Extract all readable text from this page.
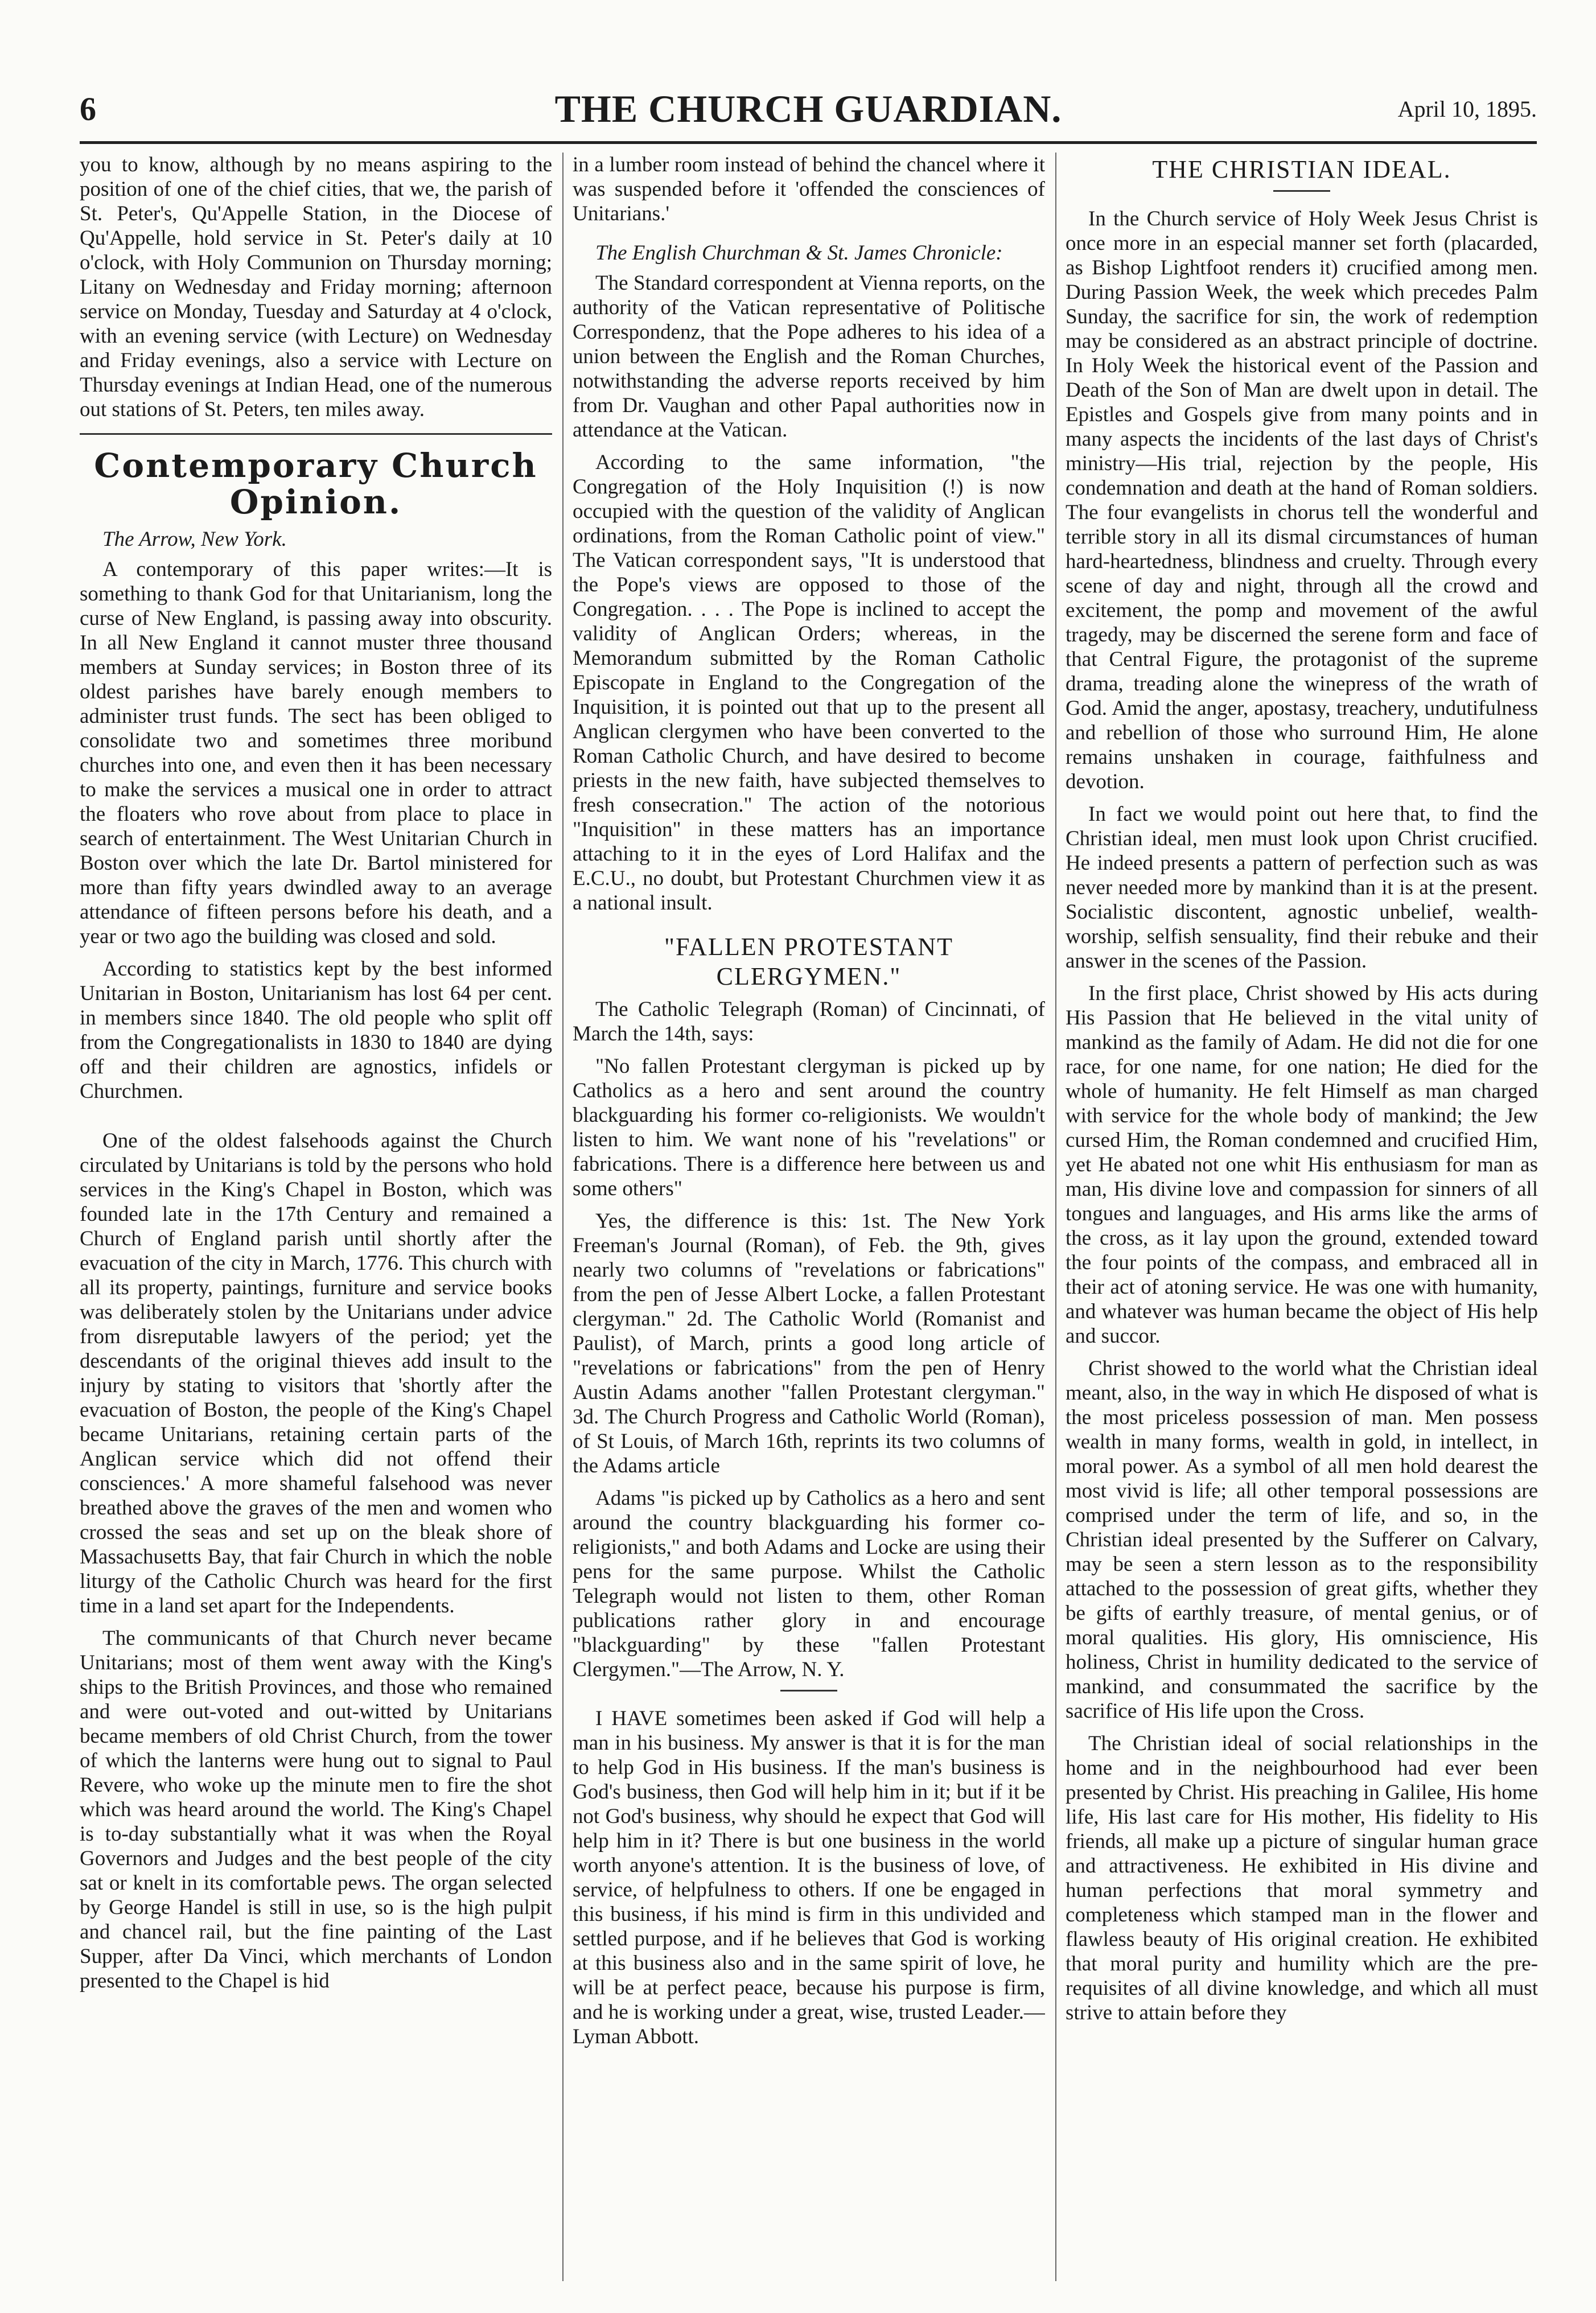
6	THE CHURCH GUARDIAN.	April 10, 1895.

you to know, although by no means aspiring to the position of one of the chief cities, that we, the parish of St. Peter's, Qu'Appelle Station, in the Diocese of Qu'Appelle, hold service in St. Peter's daily at 10 o'clock, with Holy Communion on Thursday morning; Litany on Wednesday and Friday morning; afternoon service on Monday, Tuesday and Saturday at 4 o'clock, with an evening service (with Lecture) on Wednesday and Friday evenings, also a service with Lecture on Thursday evenings at Indian Head, one of the numerous out stations of St. Peters, ten miles away.

Contemporary Church Opinion.
The Arrow, New York.

A contemporary of this paper writes:—It is something to thank God for that Unitarianism, long the curse of New England, is passing away into obscurity. In all New England it cannot muster three thousand members at Sunday services; in Boston three of its oldest parishes have barely enough members to administer trust funds. The sect has been obliged to consolidate two and sometimes three moribund churches into one, and even then it has been necessary to make the services a musical one in order to attract the floaters who rove about from place to place in search of entertainment. The West Unitarian Church in Boston over which the late Dr. Bartol ministered for more than fifty years dwindled away to an average attendance of fifteen persons before his death, and a year or two ago the building was closed and sold.

According to statistics kept by the best informed Unitarian in Boston, Unitarianism has lost 64 per cent. in members since 1840. The old people who split off from the Congregationalists in 1830 to 1840 are dying off and their children are agnostics, infidels or Churchmen.

One of the oldest falsehoods against the Church circulated by Unitarians is told by the persons who hold services in the King's Chapel in Boston, which was founded late in the 17th Century and remained a Church of England parish until shortly after the evacuation of the city in March, 1776. This church with all its property, paintings, furniture and service books was deliberately stolen by the Unitarians under advice from disreputable lawyers of the period; yet the descendants of the original thieves add insult to the injury by stating to visitors that 'shortly after the evacuation of Boston, the people of the King's Chapel became Unitarians, retaining certain parts of the Anglican service which did not offend their consciences.' A more shameful falsehood was never breathed above the graves of the men and women who crossed the seas and set up on the bleak shore of Massachusetts Bay, that fair Church in which the noble liturgy of the Catholic Church was heard for the first time in a land set apart for the Independents.

The communicants of that Church never became Unitarians; most of them went away with the King's ships to the British Provinces, and those who remained and were out-voted and out-witted by Unitarians became members of old Christ Church, from the tower of which the lanterns were hung out to signal to Paul Revere, who woke up the minute men to fire the shot which was heard around the world. The King's Chapel is to-day substantially what it was when the Royal Governors and Judges and the best people of the city sat or knelt in its comfortable pews. The organ selected by George Handel is still in use, so is the high pulpit and chancel rail, but the fine painting of the Last Supper, after Da Vinci, which merchants of London presented to the Chapel is hid

in a lumber room instead of behind the chancel where it was suspended before it 'offended the consciences of Unitarians.'

The English Churchman & St. James Chronicle:

The Standard correspondent at Vienna reports, on the authority of the Vatican representative of Politische Correspondenz, that the Pope adheres to his idea of a union between the English and the Roman Churches, notwithstanding the adverse reports received by him from Dr. Vaughan and other Papal authorities now in attendance at the Vatican.

According to the same information, "the Congregation of the Holy Inquisition (!) is now occupied with the question of the validity of Anglican ordinations, from the Roman Catholic point of view." The Vatican correspondent says, "It is understood that the Pope's views are opposed to those of the Congregation. . . . The Pope is inclined to accept the validity of Anglican Orders; whereas, in the Memorandum submitted by the Roman Catholic Episcopate in England to the Congregation of the Inquisition, it is pointed out that up to the present all Anglican clergymen who have been converted to the Roman Catholic Church, and have desired to become priests in the new faith, have subjected themselves to fresh consecration." The action of the notorious "Inquisition" in these matters has an importance attaching to it in the eyes of Lord Halifax and the E.C.U., no doubt, but Protestant Churchmen view it as a national insult.

"FALLEN PROTESTANT CLERGYMEN."

The Catholic Telegraph (Roman) of Cincinnati, of March the 14th, says:

"No fallen Protestant clergyman is picked up by Catholics as a hero and sent around the country blackguarding his former co-religionists. We wouldn't listen to him. We want none of his "revelations" or fabrications. There is a difference here between us and some others"

Yes, the difference is this: 1st. The New York Freeman's Journal (Roman), of Feb. the 9th, gives nearly two columns of "revelations or fabrications" from the pen of Jesse Albert Locke, a fallen Protestant clergyman." 2d. The Catholic World (Romanist and Paulist), of March, prints a good long article of "revelations or fabrications" from the pen of Henry Austin Adams another "fallen Protestant clergyman." 3d. The Church Progress and Catholic World (Roman), of St Louis, of March 16th, reprints its two columns of the Adams article

Adams "is picked up by Catholics as a hero and sent around the country blackguarding his former co-religionists," and both Adams and Locke are using their pens for the same purpose. Whilst the Catholic Telegraph would not listen to them, other Roman publications rather glory in and encourage "blackguarding" by these "fallen Protestant Clergymen."—The Arrow, N. Y.

I HAVE sometimes been asked if God will help a man in his business. My answer is that it is for the man to help God in His business. If the man's business is God's business, then God will help him in it; but if it be not God's business, why should he expect that God will help him in it? There is but one business in the world worth anyone's attention. It is the business of love, of service, of helpfulness to others. If one be engaged in this business, if his mind is firm in this undivided and settled purpose, and if he believes that God is working at this business also and in the same spirit of love, he will be at perfect peace, because his purpose is firm, and he is working under a great, wise, trusted Leader.—Lyman Abbott.

THE CHRISTIAN IDEAL.

In the Church service of Holy Week Jesus Christ is once more in an especial manner set forth (placarded, as Bishop Lightfoot renders it) crucified among men. During Passion Week, the week which precedes Palm Sunday, the sacrifice for sin, the work of redemption may be considered as an abstract principle of doctrine. In Holy Week the historical event of the Passion and Death of the Son of Man are dwelt upon in detail. The Epistles and Gospels give from many points and in many aspects the incidents of the last days of Christ's ministry—His trial, rejection by the people, His condemnation and death at the hand of Roman soldiers. The four evangelists in chorus tell the wonderful and terrible story in all its dismal circumstances of human hard-heartedness, blindness and cruelty. Through every scene of day and night, through all the crowd and excitement, the pomp and movement of the awful tragedy, may be discerned the serene form and face of that Central Figure, the protagonist of the supreme drama, treading alone the winepress of the wrath of God. Amid the anger, apostasy, treachery, undutifulness and rebellion of those who surround Him, He alone remains unshaken in courage, faithfulness and devotion.

In fact we would point out here that, to find the Christian ideal, men must look upon Christ crucified. He indeed presents a pattern of perfection such as was never needed more by mankind than it is at the present. Socialistic discontent, agnostic unbelief, wealth-worship, selfish sensuality, find their rebuke and their answer in the scenes of the Passion.

In the first place, Christ showed by His acts during His Passion that He believed in the vital unity of mankind as the family of Adam. He did not die for one race, for one name, for one nation; He died for the whole of humanity. He felt Himself as man charged with service for the whole body of mankind; the Jew cursed Him, the Roman condemned and crucified Him, yet He abated not one whit His enthusiasm for man as man, His divine love and compassion for sinners of all tongues and languages, and His arms like the arms of the cross, as it lay upon the ground, extended toward the four points of the compass, and embraced all in their act of atoning service. He was one with humanity, and whatever was human became the object of His help and succor.

Christ showed to the world what the Christian ideal meant, also, in the way in which He disposed of what is the most priceless possession of man. Men possess wealth in many forms, wealth in gold, in intellect, in moral power. As a symbol of all men hold dearest the most vivid is life; all other temporal possessions are comprised under the term of life, and so, in the Christian ideal presented by the Sufferer on Calvary, may be seen a stern lesson as to the responsibility attached to the possession of great gifts, whether they be gifts of earthly treasure, of mental genius, or of moral qualities. His glory, His omniscience, His holiness, Christ in humility dedicated to the service of mankind, and consummated the sacrifice by the sacrifice of His life upon the Cross.

The Christian ideal of social relationships in the home and in the neighbourhood had ever been presented by Christ. His preaching in Galilee, His home life, His last care for His mother, His fidelity to His friends, all make up a picture of singular human grace and attractiveness. He exhibited in His divine and human perfections that moral symmetry and completeness which stamped man in the flower and flawless beauty of His original creation. He exhibited that moral purity and humility which are the pre-requisites of all divine knowledge, and which all must strive to attain before they
